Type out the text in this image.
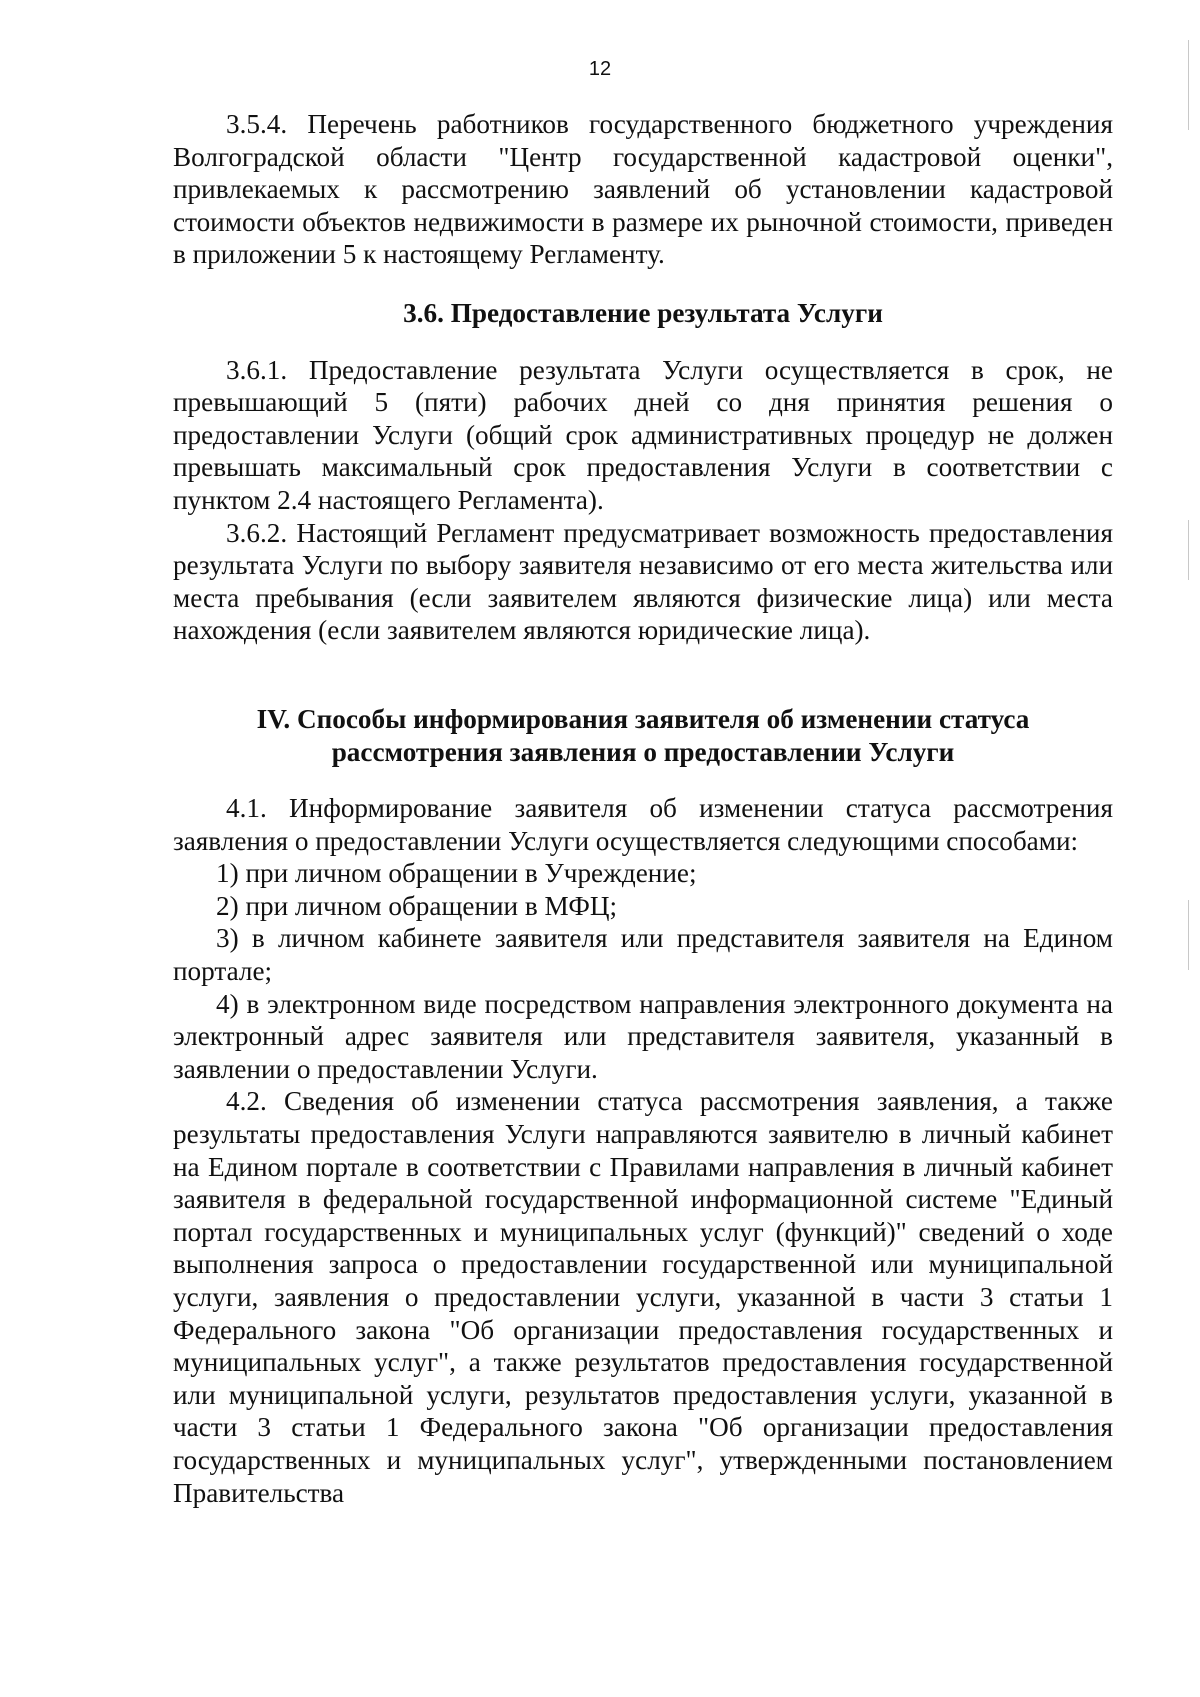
12

3.5.4. Перечень работников государственного бюджетного учреждения Волгоградской области "Центр государственной кадастровой оценки", привлекаемых к рассмотрению заявлений об установлении кадастровой стоимости объектов недвижимости в размере их рыночной стоимости, приведен в приложении 5 к настоящему Регламенту.

3.6. Предоставление результата Услуги

3.6.1. Предоставление результата Услуги осуществляется в срок, не превышающий 5 (пяти) рабочих дней со дня принятия решения о предоставлении Услуги (общий срок административных процедур не должен превышать максимальный срок предоставления Услуги в соответствии с пунктом 2.4 настоящего Регламента).

3.6.2. Настоящий Регламент предусматривает возможность предоставления результата Услуги по выбору заявителя независимо от его места жительства или места пребывания (если заявителем являются физические лица) или места нахождения (если заявителем являются юридические лица).

IV. Способы информирования заявителя об изменении статуса рассмотрения заявления о предоставлении Услуги

4.1. Информирование заявителя об изменении статуса рассмотрения заявления о предоставлении Услуги осуществляется следующими способами:

1) при личном обращении в Учреждение;

2) при личном обращении в МФЦ;

3) в личном кабинете заявителя или представителя заявителя на Едином портале;

4) в электронном виде посредством направления электронного документа на электронный адрес заявителя или представителя заявителя, указанный в заявлении о предоставлении Услуги.

4.2. Сведения об изменении статуса рассмотрения заявления, а также результаты предоставления Услуги направляются заявителю в личный кабинет на Едином портале в соответствии с Правилами направления в личный кабинет заявителя в федеральной государственной информационной системе "Единый портал государственных и муниципальных услуг (функций)" сведений о ходе выполнения запроса о предоставлении государственной или муниципальной услуги, заявления о предоставлении услуги, указанной в части 3 статьи 1 Федерального закона "Об организации предоставления государственных и муниципальных услуг", а также результатов предоставления государственной или муниципальной услуги, результатов предоставления услуги, указанной в части 3 статьи 1 Федерального закона "Об организации предоставления государственных и муниципальных услуг", утвержденными постановлением Правительства
